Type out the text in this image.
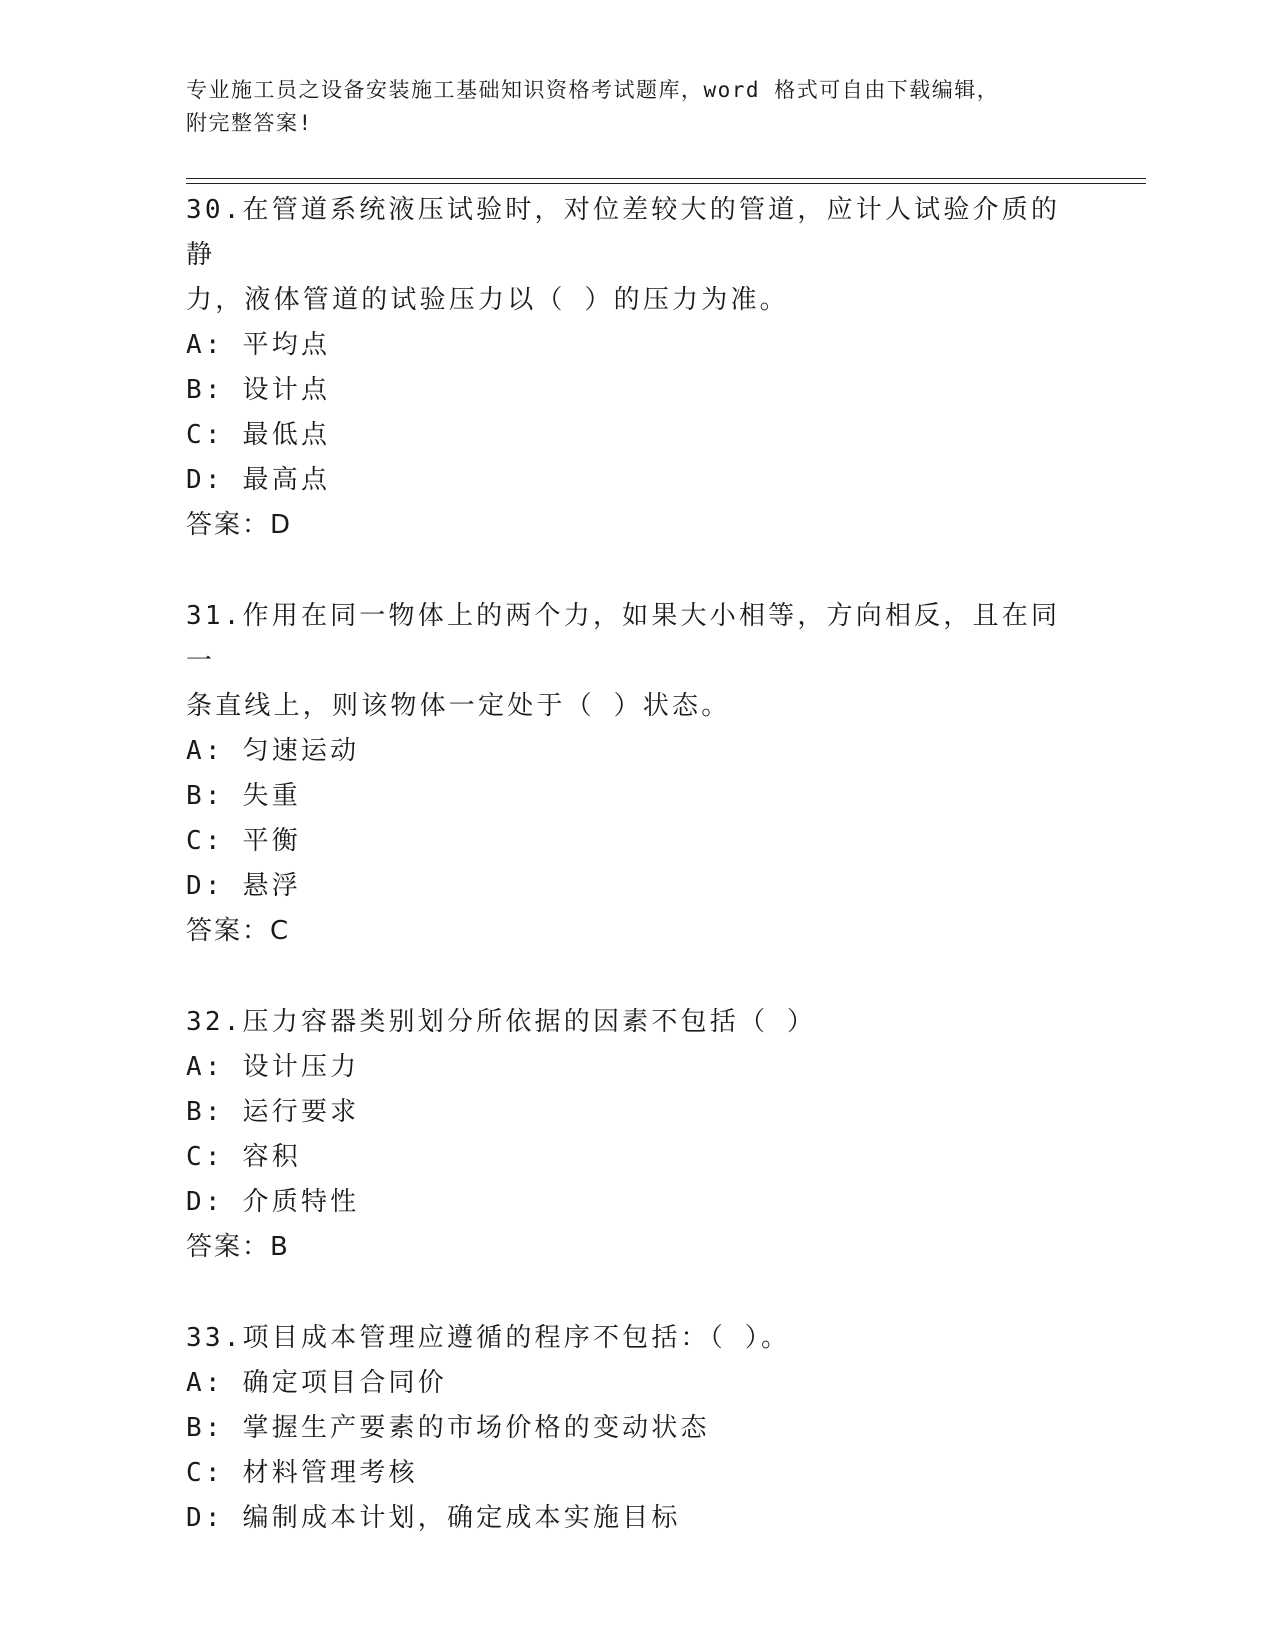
专业施工员之设备安装施工基础知识资格考试题库，word 格式可自由下载编辑，
附完整答案!
30.在管道系统液压试验时，对位差较大的管道，应计人试验介质的静
力，液体管道的试验压力以（ ）的压力为准。
A: 平均点
B: 设计点
C: 最低点
D: 最高点
答案：D
31.作用在同一物体上的两个力，如果大小相等，方向相反，且在同一
条直线上，则该物体一定处于（ ）状态。
A: 匀速运动
B: 失重
C: 平衡
D: 悬浮
答案：C
32.压力容器类别划分所依据的因素不包括（ ）
A: 设计压力
B: 运行要求
C: 容积
D: 介质特性
答案：B
33.项目成本管理应遵循的程序不包括：（ ）。
A: 确定项目合同价
B: 掌握生产要素的市场价格的变动状态
C: 材料管理考核
D: 编制成本计划，确定成本实施目标
